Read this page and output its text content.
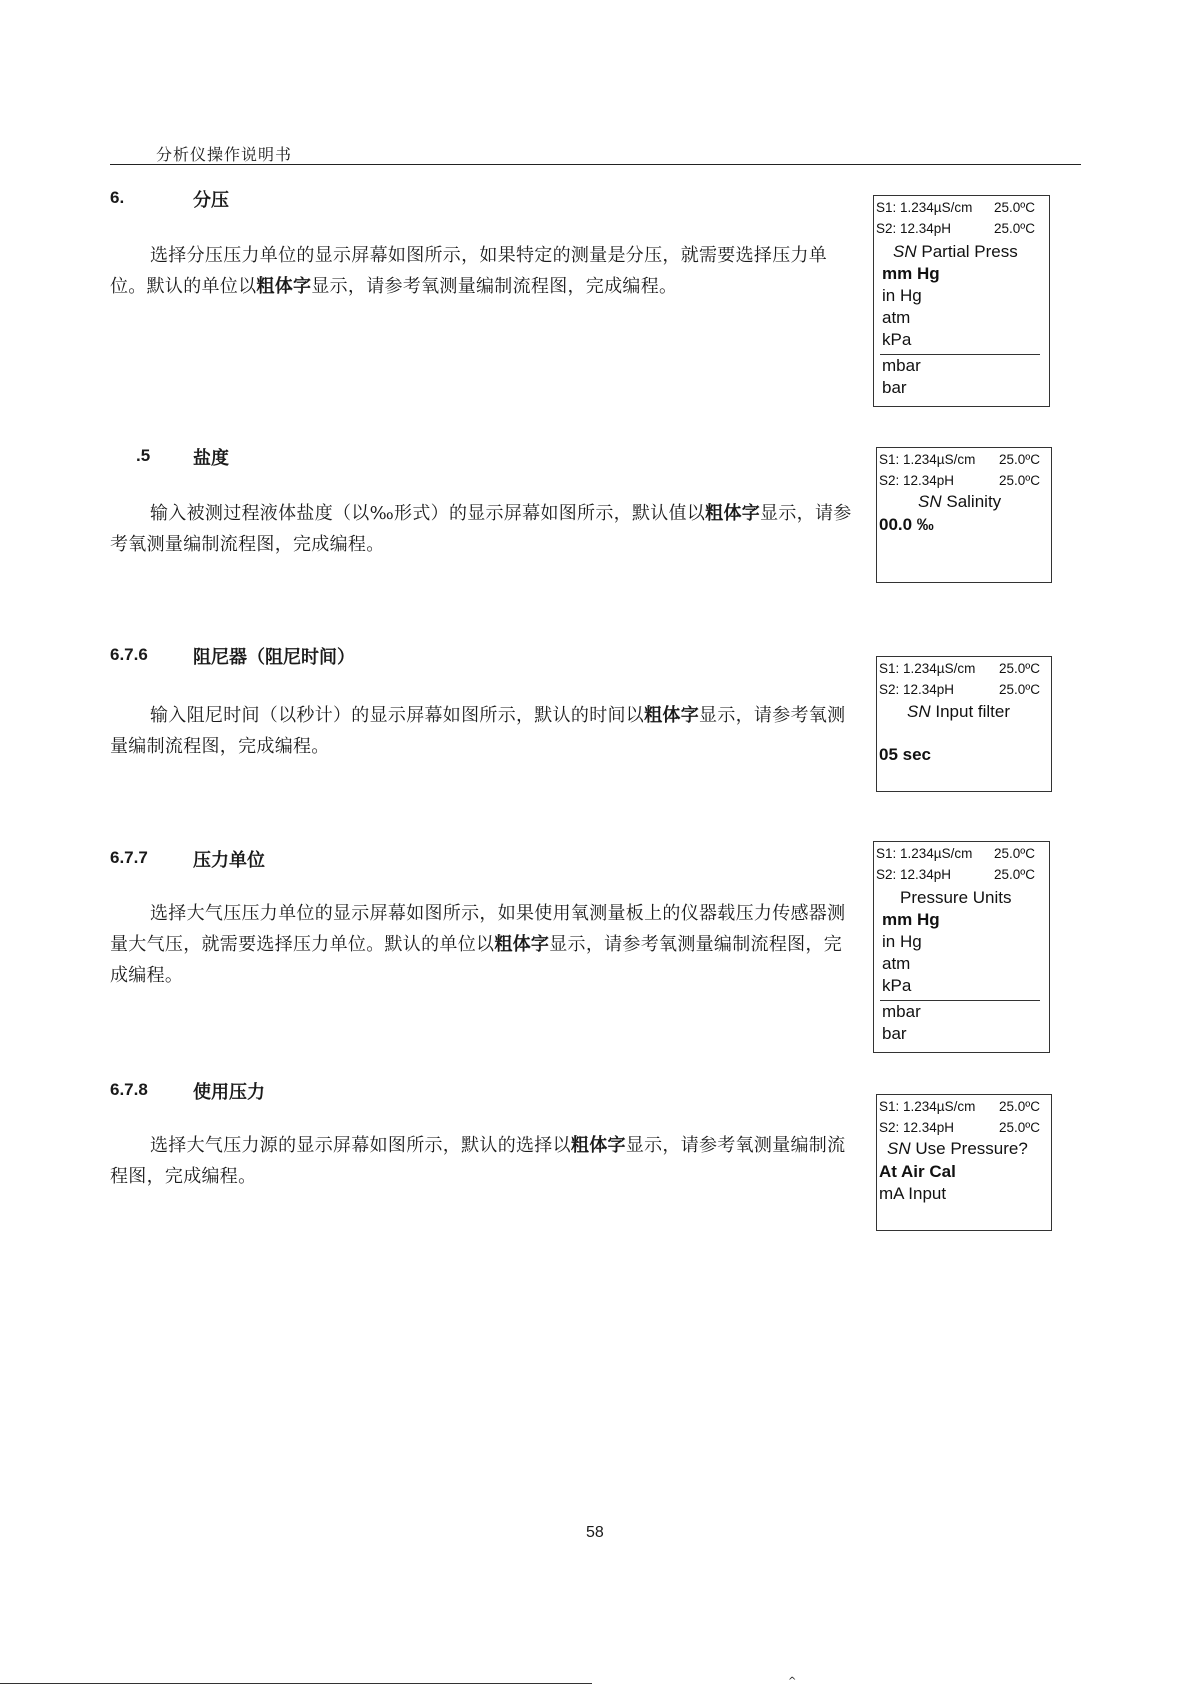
分析仪操作说明书
6.	分压
选择分压压力单位的显示屏幕如图所示，如果特定的测量是分压，就需要选择压力单位。默认的单位以粗体字显示，请参考氧测量编制流程图，完成编程。
S1: 1.234µS/cm 25.0ºC
S2: 12.34pH	25.0ºC
SN Partial Press
mm Hg
in Hg
atm
kPa
mbar
bar
.5 盐度
输入被测过程液体盐度（以‰形式）的显示屏幕如图所示，默认值以粗体字显示，请参考氧测量编制流程图，完成编程。
S1: 1.234µS/cm 25.0ºC
S2: 12.34pH	25.0ºC
SN Salinity
00.0 ‰
6.7.6	阻尼器（阻尼时间）
输入阻尼时间（以秒计）的显示屏幕如图所示，默认的时间以粗体字显示，请参考氧测量编制流程图，完成编程。
S1: 1.234µS/cm 25.0ºC
S2: 12.34pH	25.0ºC
SN Input filter
05 sec
6.7.7	压力单位
选择大气压压力单位的显示屏幕如图所示，如果使用氧测量板上的仪器载压力传感器测量大气压，就需要选择压力单位。默认的单位以粗体字显示，请参考氧测量编制流程图，完成编程。
S1: 1.234µS/cm 25.0ºC
S2: 12.34pH	25.0ºC
Pressure Units
mm Hg
in Hg
atm
kPa
mbar
bar
6.7.8	使用压力
选择大气压力源的显示屏幕如图所示，默认的选择以粗体字显示，请参考氧测量编制流程图，完成编程。
S1: 1.234µS/cm 25.0ºC
S2: 12.34pH	25.0ºC
SN Use Pressure?
At Air Cal
mA Input
58
^
